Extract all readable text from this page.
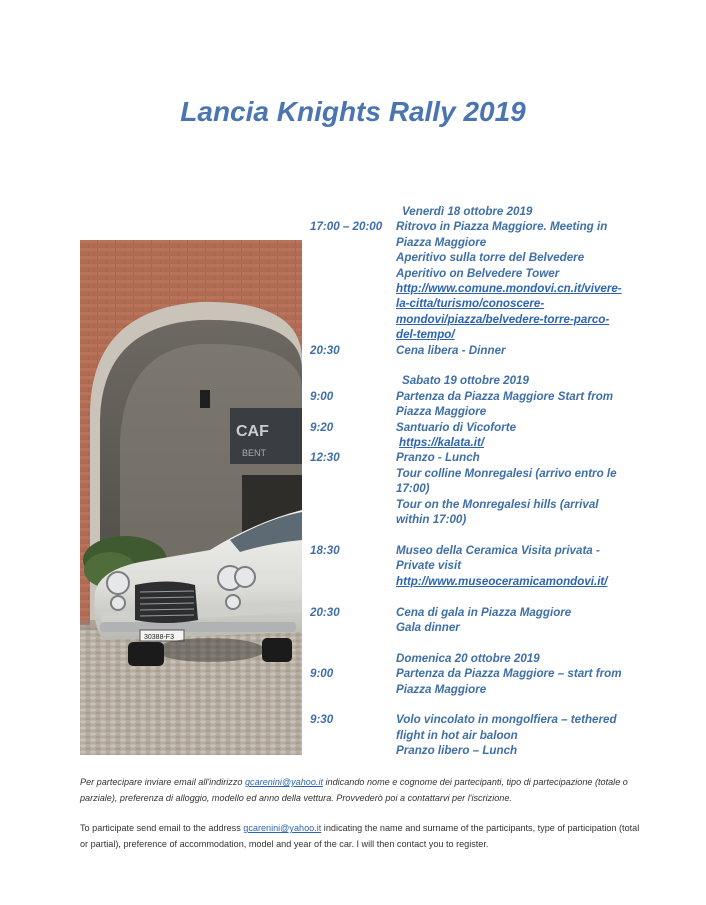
Lancia Knights Rally 2019
CAF
BENT
30388-F3
Venerdì 18 ottobre 2019
17:00 – 20:00	Ritrovo in Piazza Maggiore. Meeting in
Piazza Maggiore
Aperitivo sulla torre del Belvedere
Aperitivo on Belvedere Tower
http://www.comune.mondovi.cn.it/vivere-
la-citta/turismo/conoscere-
mondovi/piazza/belvedere-torre-parco-
del-tempo/
20:30	Cena libera - Dinner
Sabato 19 ottobre 2019
9:00	Partenza da Piazza Maggiore Start from
Piazza Maggiore
9:20	Santuario di Vicoforte
https://kalata.it/
12:30	Pranzo - Lunch
Tour colline Monregalesi (arrivo entro le
17:00)
Tour on the Monregalesi hills (arrival
within 17:00)
18:30	Museo della Ceramica Visita privata -
Private visit
http://www.museoceramicamondovi.it/
20:30	Cena di gala in Piazza Maggiore
Gala dinner
Domenica 20 ottobre 2019
9:00	Partenza da Piazza Maggiore – start from
Piazza Maggiore
9:30	Volo vincolato in mongolfiera – tethered
flight in hot air baloon
Pranzo libero – Lunch

Per partecipare inviare email all'indirizzo gcarenini@yahoo.it indicando nome e cognome dei partecipanti, tipo di partecipazione (totale o parziale), preferenza di alloggio, modello ed anno della vettura. Provvederò poi a contattarvi per l'iscrizione.

To participate send email to the address gcarenini@yahoo.it indicating the name and surname of the participants, type of participation (total or partial), preference of accommodation, model and year of the car. I will then contact you to register.
